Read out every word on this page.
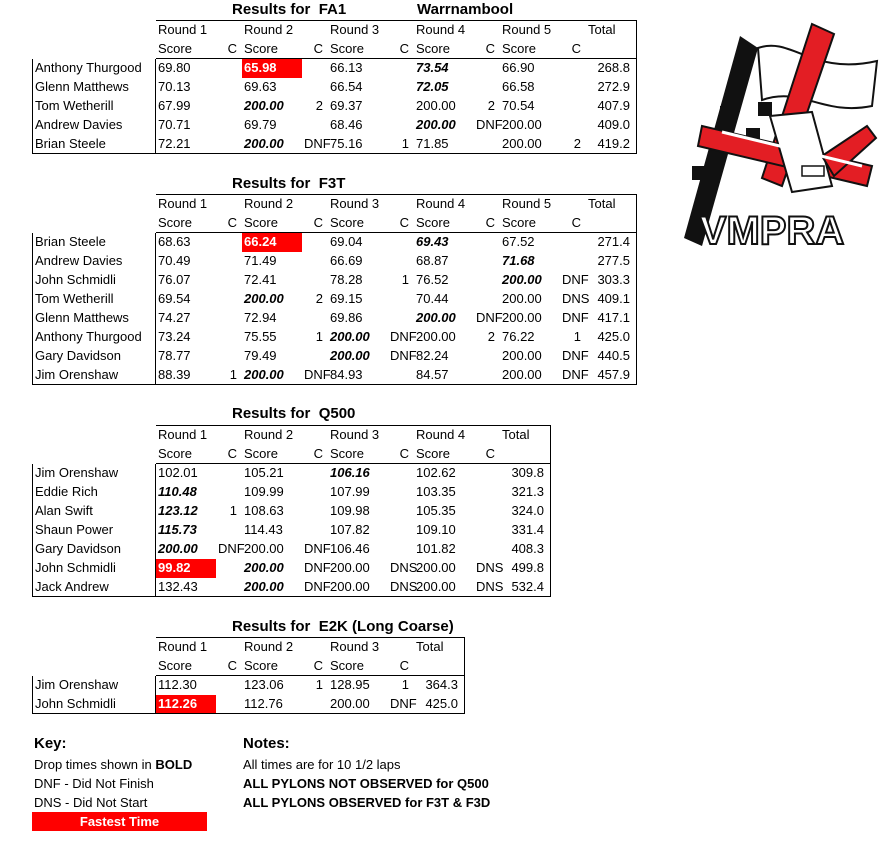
Results for FA1	Warrnambool
	Round 1		Round 2		Round 3		Round 4		Round 5		Total
	Score	C	Score	C	Score	C	Score	C	Score	C	
Anthony Thurgood	69.80		65.98		66.13		73.54		66.90		268.8
Glenn Matthews	70.13		69.63		66.54		72.05		66.58		272.9
Tom Wetherill	67.99		200.00	2	69.37		200.00	2	70.54		407.9
Andrew Davies	70.71		69.79		68.46		200.00	DNF	200.00		409.0
Brian Steele	72.21		200.00	DNF	75.16	1	71.85		200.00	2	419.2
Results for F3T
	Round 1		Round 2		Round 3		Round 4		Round 5		Total
	Score	C	Score	C	Score	C	Score	C	Score	C	
Brian Steele	68.63		66.24		69.04		69.43		67.52		271.4
Andrew Davies	70.49		71.49		66.69		68.87		71.68		277.5
John Schmidli	76.07		72.41		78.28	1	76.52		200.00	DNF	303.3
Tom Wetherill	69.54		200.00	2	69.15		70.44		200.00	DNS	409.1
Glenn Matthews	74.27		72.94		69.86		200.00	DNF	200.00	DNF	417.1
Anthony Thurgood	73.24		75.55	1	200.00	DNF	200.00	2	76.22	1	425.0
Gary Davidson	78.77		79.49		200.00	DNF	82.24		200.00	DNF	440.5
Jim Orenshaw	88.39	1	200.00	DNF	84.93		84.57		200.00	DNF	457.9
Results for Q500
	Round 1		Round 2		Round 3		Round 4		Total
	Score	C	Score	C	Score	C	Score	C	
Jim Orenshaw	102.01		105.21		106.16		102.62		309.8
Eddie Rich	110.48		109.99		107.99		103.35		321.3
Alan Swift	123.12	1	108.63		109.98		105.35		324.0
Shaun Power	115.73		114.43		107.82		109.10		331.4
Gary Davidson	200.00	DNF	200.00	DNF	106.46		101.82		408.3
John Schmidli	99.82		200.00	DNF	200.00	DNS	200.00	DNS	499.8
Jack Andrew	132.43		200.00	DNF	200.00	DNS	200.00	DNS	532.4
Results for E2K (Long Coarse)
	Round 1		Round 2		Round 3		Total
	Score	C	Score	C	Score	C	
Jim Orenshaw	112.30		123.06	1	128.95	1	364.3
John Schmidli	112.26		112.76		200.00	DNF	425.0
Key:
Drop times shown in BOLD
DNF - Did Not Finish
DNS - Did Not Start
Fastest Time
Notes:
All times are for 10 1/2 laps
ALL PYLONS NOT OBSERVED for Q500
ALL PYLONS OBSERVED for F3T & F3D
VMPRA
